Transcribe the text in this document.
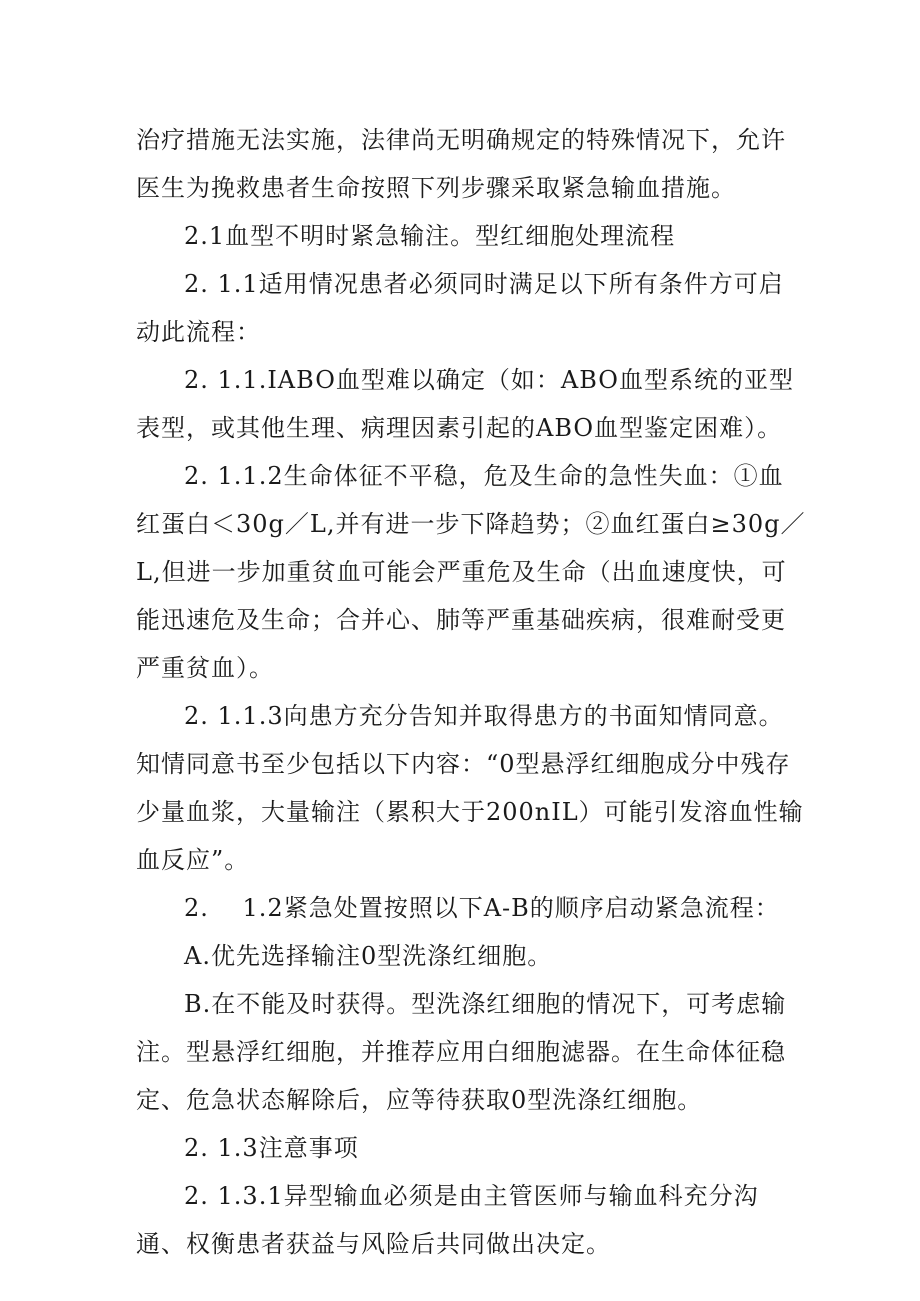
治疗措施无法实施，法律尚无明确规定的特殊情况下，允许医生为挽救患者生命按照下列步骤采取紧急输血措施。

2.1血型不明时紧急输注。型红细胞处理流程

2. 1.1适用情况患者必须同时满足以下所有条件方可启动此流程：

2. 1.1.IABO血型难以确定（如：ABO血型系统的亚型表型，或其他生理、病理因素引起的ABO血型鉴定困难）。

2. 1.1.2生命体征不平稳，危及生命的急性失血：①血红蛋白＜30g／L,并有进一步下降趋势；②血红蛋白≥30g／L,但进一步加重贫血可能会严重危及生命（出血速度快，可能迅速危及生命；合并心、肺等严重基础疾病，很难耐受更严重贫血）。

2. 1.1.3向患方充分告知并取得患方的书面知情同意。知情同意书至少包括以下内容：“0型悬浮红细胞成分中残存少量血浆，大量输注（累积大于200nIL）可能引发溶血性输血反应”。

2.　 1.2紧急处置按照以下A-B的顺序启动紧急流程：

A.优先选择输注0型洗涤红细胞。

B.在不能及时获得。型洗涤红细胞的情况下，可考虑输注。型悬浮红细胞，并推荐应用白细胞滤器。在生命体征稳定、危急状态解除后，应等待获取0型洗涤红细胞。

2. 1.3注意事项

2. 1.3.1异型输血必须是由主管医师与输血科充分沟通、权衡患者获益与风险后共同做出决定。
